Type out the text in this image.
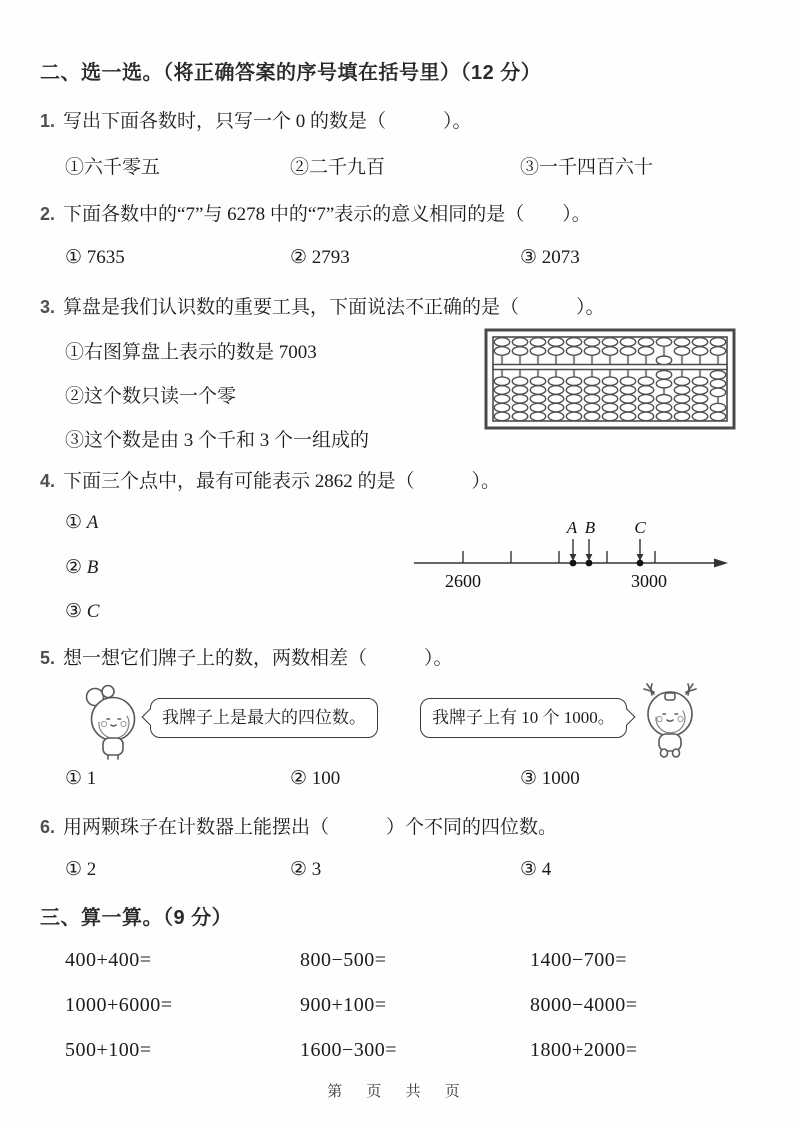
二、选一选。（将正确答案的序号填在括号里）（12 分）
1. 写出下面各数时，只写一个 0 的数是（　　　）。
①六千零五	②二千九百	③一千四百六十
2. 下面各数中的“7”与 6278 中的“7”表示的意义相同的是（　　）。
① 7635	② 2793	③ 2073
3. 算盘是我们认识数的重要工具，下面说法不正确的是（　　　）。
①右图算盘上表示的数是 7003
②这个数只读一个零
③这个数是由 3 个千和 3 个一组成的
4. 下面三个点中，最有可能表示 2862 的是（　　　）。
① A
② B
③ C
2600	3000
A B C
5. 想一想它们牌子上的数，两数相差（　　　）。
我牌子上是最大的四位数。	我牌子上有 10 个 1000。
① 1	② 100	③ 1000
6. 用两颗珠子在计数器上能摆出（　　　）个不同的四位数。
① 2	② 3	③ 4
三、算一算。（9 分）
400+400=	800−500=	1400−700=
1000+6000=	900+100=	8000−4000=
500+100=	1600−300=	1800+2000=
第 页 共 页
